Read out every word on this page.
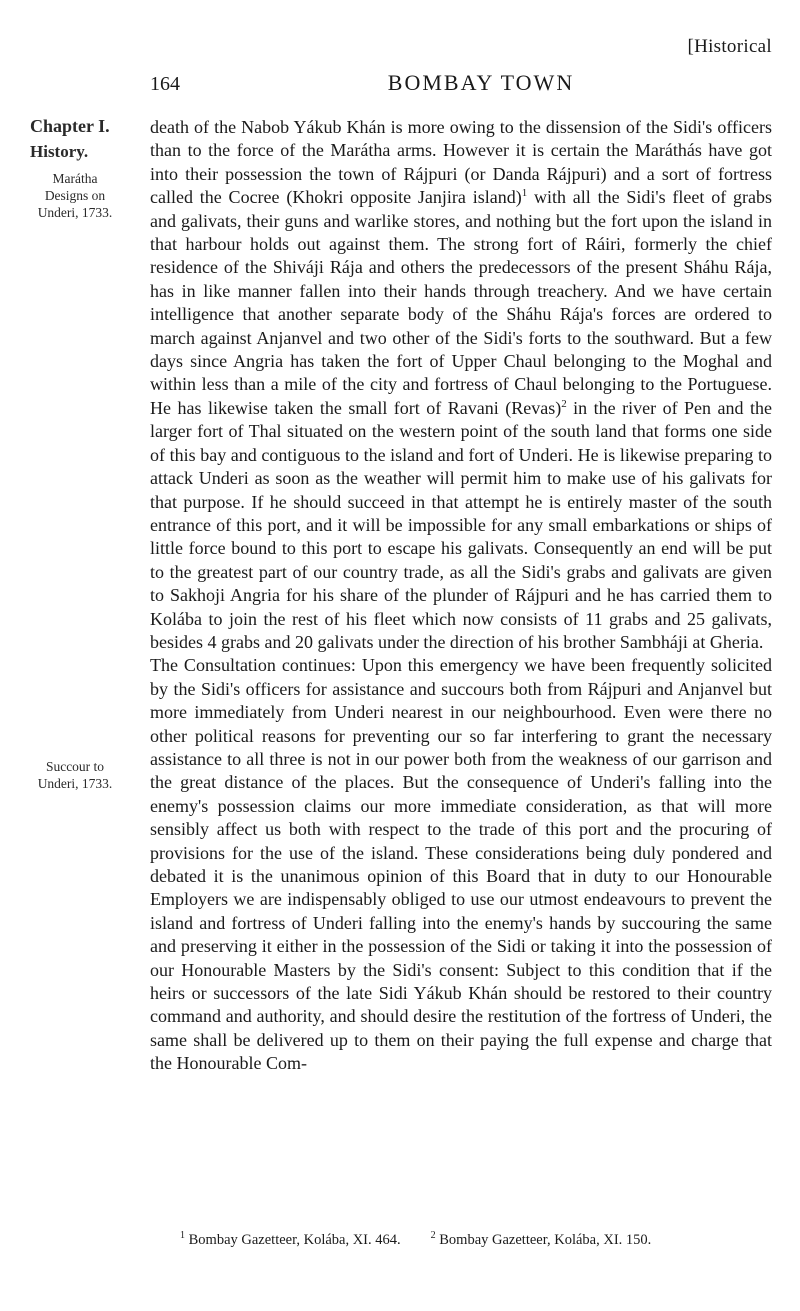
[Historical
164	BOMBAY TOWN
Chapter I.
History.
Marátha Designs on Underi, 1733.
Succour to Underi, 1733.

death of the Nabob Yákub Khán is more owing to the dissension of the Sidi's officers than to the force of the Marátha arms. However it is certain the Maráthás have got into their possession the town of Rájpuri (or Danda Rájpuri) and a sort of fortress called the Cocree (Khokri opposite Janjira island)$^1$ with all the Sidi's fleet of grabs and galivats, their guns and warlike stores, and nothing but the fort upon the island in that harbour holds out against them. The strong fort of Ráiri, formerly the chief residence of the Shiváji Rája and others the predecessors of the present Sháhu Rája, has in like manner fallen into their hands through treachery. And we have certain intelligence that another separate body of the Sháhu Rája's forces are ordered to march against Anjanvel and two other of the Sidi's forts to the southward. But a few days since Angria has taken the fort of Upper Chaul belonging to the Moghal and within less than a mile of the city and fortress of Chaul belonging to the Portuguese. He has likewise taken the small fort of Ravani (Revas)$^2$ in the river of Pen and the larger fort of Thal situated on the western point of the south land that forms one side of this bay and contiguous to the island and fort of Underi. He is likewise preparing to attack Underi as soon as the weather will permit him to make use of his galivats for that purpose. If he should succeed in that attempt he is entirely master of the south entrance of this port, and it will be impossible for any small embarkations or ships of little force bound to this port to escape his galivats. Consequently an end will be put to the greatest part of our country trade, as all the Sidi's grabs and galivats are given to Sakhoji Angria for his share of the plunder of Rájpuri and he has carried them to Kolába to join the rest of his fleet which now consists of 11 grabs and 25 galivats, besides 4 grabs and 20 galivats under the direction of his brother Sambháji at Gheria.

The Consultation continues: Upon this emergency we have been frequently solicited by the Sidi's officers for assistance and succours both from Rájpuri and Anjanvel but more immediately from Underi nearest in our neighbourhood. Even were there no other political reasons for preventing our so far interfering to grant the necessary assistance to all three is not in our power both from the weakness of our garrison and the great distance of the places. But the consequence of Underi's falling into the enemy's possession claims our more immediate consideration, as that will more sensibly affect us both with respect to the trade of this port and the procuring of provisions for the use of the island. These considerations being duly pondered and debated it is the unanimous opinion of this Board that in duty to our Honourable Employers we are indispensably obliged to use our utmost endeavours to prevent the island and fortress of Underi falling into the enemy's hands by succouring the same and preserving it either in the possession of the Sidi or taking it into the possession of our Honourable Masters by the Sidi's consent: Subject to this condition that if the heirs or successors of the late Sidi Yákub Khán should be restored to their country command and authority, and should desire the restitution of the fortress of Underi, the same shall be delivered up to them on their paying the full expense and charge that the Honourable Com-

$^1$ Bombay Gazetteer, Kolába, XI. 464.	$^2$ Bombay Gazetteer, Kolába, XI. 150.
